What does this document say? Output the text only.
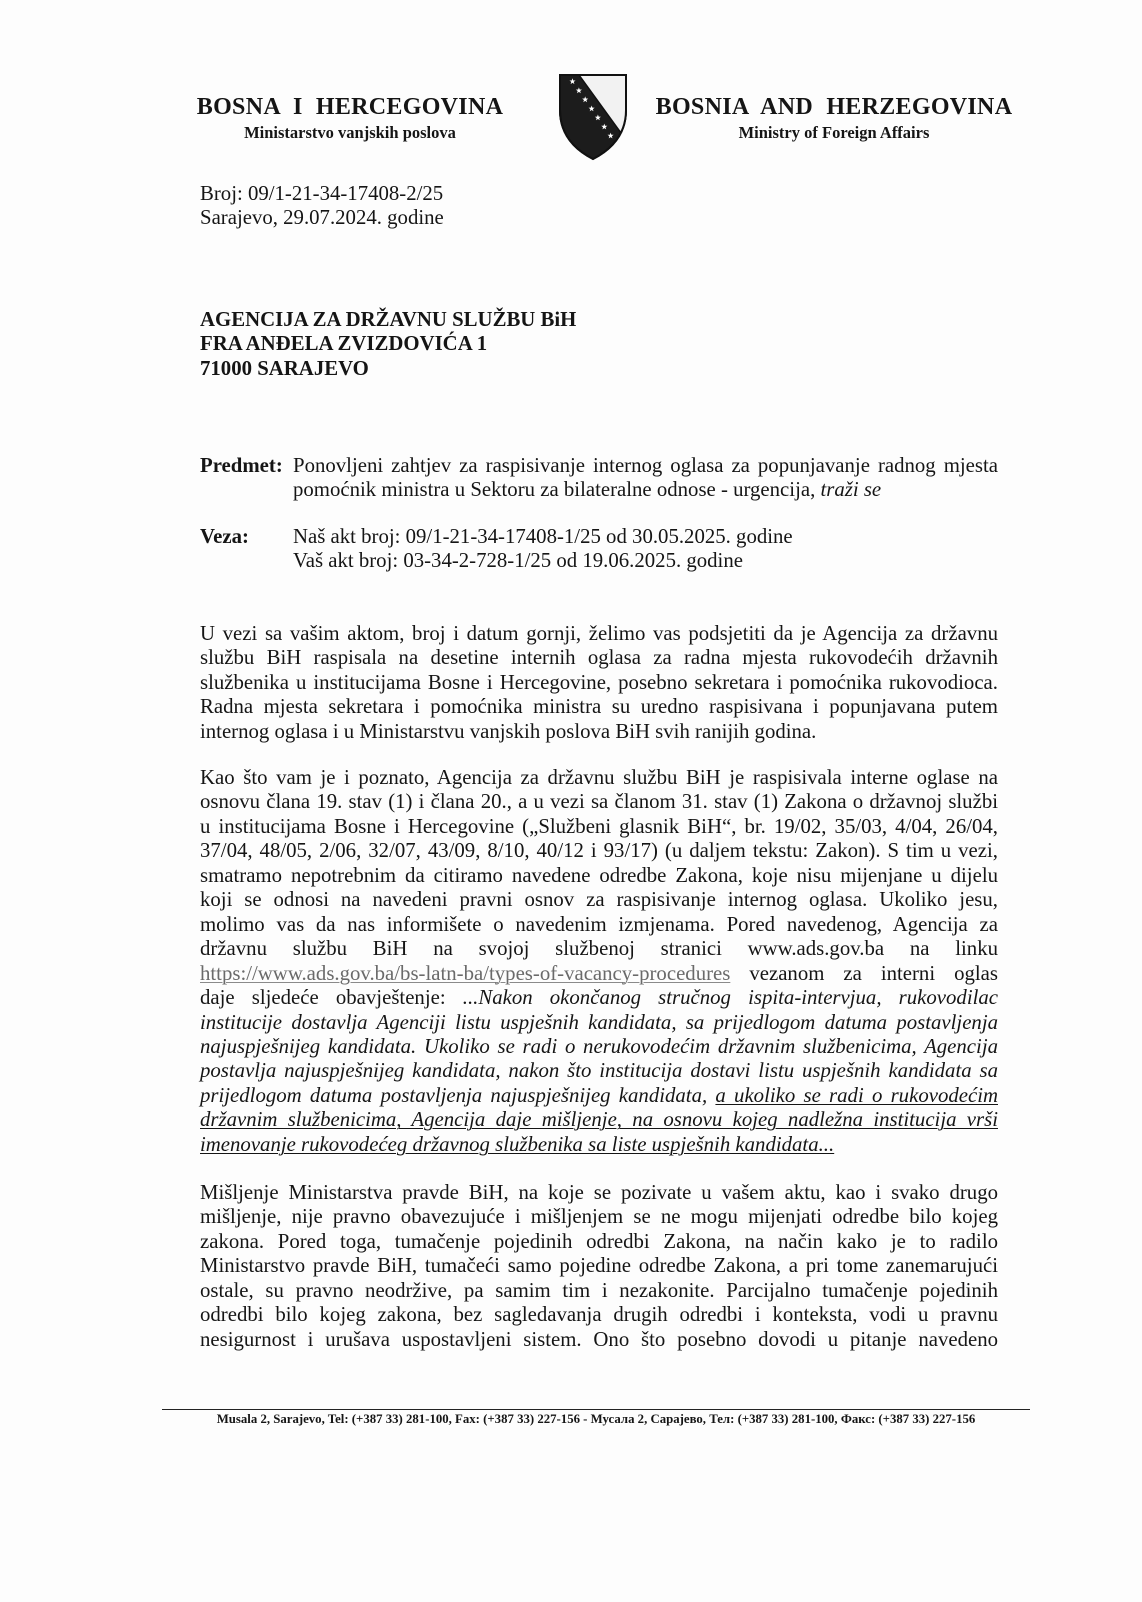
BOSNA I HERCEGOVINA
Ministarstvo vanjskih poslova
BOSNIA AND HERZEGOVINA
Ministry of Foreign Affairs
Broj: 09/1-21-34-17408-2/25
Sarajevo, 29.07.2024. godine
AGENCIJA ZA DRŽAVNU SLUŽBU BiH
FRA ANĐELA ZVIZDOVIĆA 1
71000 SARAJEVO
Predmet: Ponovljeni zahtjev za raspisivanje internog oglasa za popunjavanje radnog mjesta
pomoćnik ministra u Sektoru za bilateralne odnose - urgencija, traži se
Veza: Naš akt broj: 09/1-21-34-17408-1/25 od 30.05.2025. godine
Vaš akt broj: 03-34-2-728-1/25 od 19.06.2025. godine
U vezi sa vašim aktom, broj i datum gornji, želimo vas podsjetiti da je Agencija za državnu
službu BiH raspisala na desetine internih oglasa za radna mjesta rukovodećih državnih
službenika u institucijama Bosne i Hercegovine, posebno sekretara i pomoćnika rukovodioca.
Radna mjesta sekretara i pomoćnika ministra su uredno raspisivana i popunjavana putem
internog oglasa i u Ministarstvu vanjskih poslova BiH svih ranijih godina.
Kao što vam je i poznato, Agencija za državnu službu BiH je raspisivala interne oglase na
osnovu člana 19. stav (1) i člana 20., a u vezi sa članom 31. stav (1) Zakona o državnoj službi
u institucijama Bosne i Hercegovine („Službeni glasnik BiH“, br. 19/02, 35/03, 4/04, 26/04,
37/04, 48/05, 2/06, 32/07, 43/09, 8/10, 40/12 i 93/17) (u daljem tekstu: Zakon). S tim u vezi,
smatramo nepotrebnim da citiramo navedene odredbe Zakona, koje nisu mijenjane u dijelu
koji se odnosi na navedeni pravni osnov za raspisivanje internog oglasa. Ukoliko jesu,
molimo vas da nas informišete o navedenim izmjenama. Pored navedenog, Agencija za
državnu službu BiH na svojoj službenoj stranici www.ads.gov.ba na linku
https://www.ads.gov.ba/bs-latn-ba/types-of-vacancy-procedures vezanom za interni oglas
daje sljedeće obavještenje: ...Nakon okončanog stručnog ispita-intervjua, rukovodilac
institucije dostavlja Agenciji listu uspješnih kandidata, sa prijedlogom datuma postavljenja
najuspješnijeg kandidata. Ukoliko se radi o nerukovodećim državnim službenicima, Agencija
postavlja najuspješnijeg kandidata, nakon što institucija dostavi listu uspješnih kandidata sa
prijedlogom datuma postavljenja najuspješnijeg kandidata, a ukoliko se radi o rukovodećim
državnim službenicima, Agencija daje mišljenje, na osnovu kojeg nadležna institucija vrši
imenovanje rukovodećeg državnog službenika sa liste uspješnih kandidata...
Mišljenje Ministarstva pravde BiH, na koje se pozivate u vašem aktu, kao i svako drugo
mišljenje, nije pravno obavezujuće i mišljenjem se ne mogu mijenjati odredbe bilo kojeg
zakona. Pored toga, tumačenje pojedinih odredbi Zakona, na način kako je to radilo
Ministarstvo pravde BiH, tumačeći samo pojedine odredbe Zakona, a pri tome zanemarujući
ostale, su pravno neodržive, pa samim tim i nezakonite. Parcijalno tumačenje pojedinih
odredbi bilo kojeg zakona, bez sagledavanja drugih odredbi i konteksta, vodi u pravnu
nesigurnost i urušava uspostavljeni sistem. Ono što posebno dovodi u pitanje navedeno
Musala 2, Sarajevo, Tel: (+387 33) 281-100, Fax: (+387 33) 227-156 - Мусала 2, Сарајево, Тел: (+387 33) 281-100, Факс: (+387 33) 227-156
